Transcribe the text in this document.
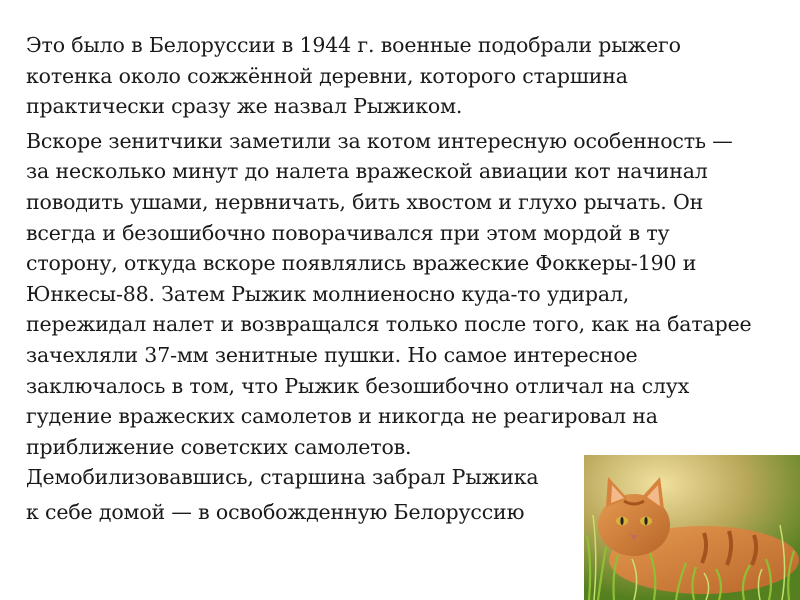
Это было в Белоруссии в 1944 г. военные подобрали рыжего
котенка около сожжённой деревни, которого старшина
практически сразу же назвал Рыжиком.

Вскоре зенитчики заметили за котом интересную особенность —
за несколько минут до налета вражеской авиации кот начинал
поводить ушами, нервничать, бить хвостом и глухо рычать. Он
всегда и безошибочно поворачивался при этом мордой в ту
сторону, откуда вскоре появлялись вражеские Фоккеры-190 и
Юнкесы-88. Затем Рыжик молниеносно куда-то удирал,
пережидал налет и возвращался только после того, как на батарее
зачехляли 37-мм зенитные пушки. Но самое интересное
заключалось в том, что Рыжик безошибочно отличал на слух
гудение вражеских самолетов и никогда не реагировал на
приближение советских самолетов.
Демобилизовавшись, старшина забрал Рыжика

к себе домой — в освобожденную Белоруссию
